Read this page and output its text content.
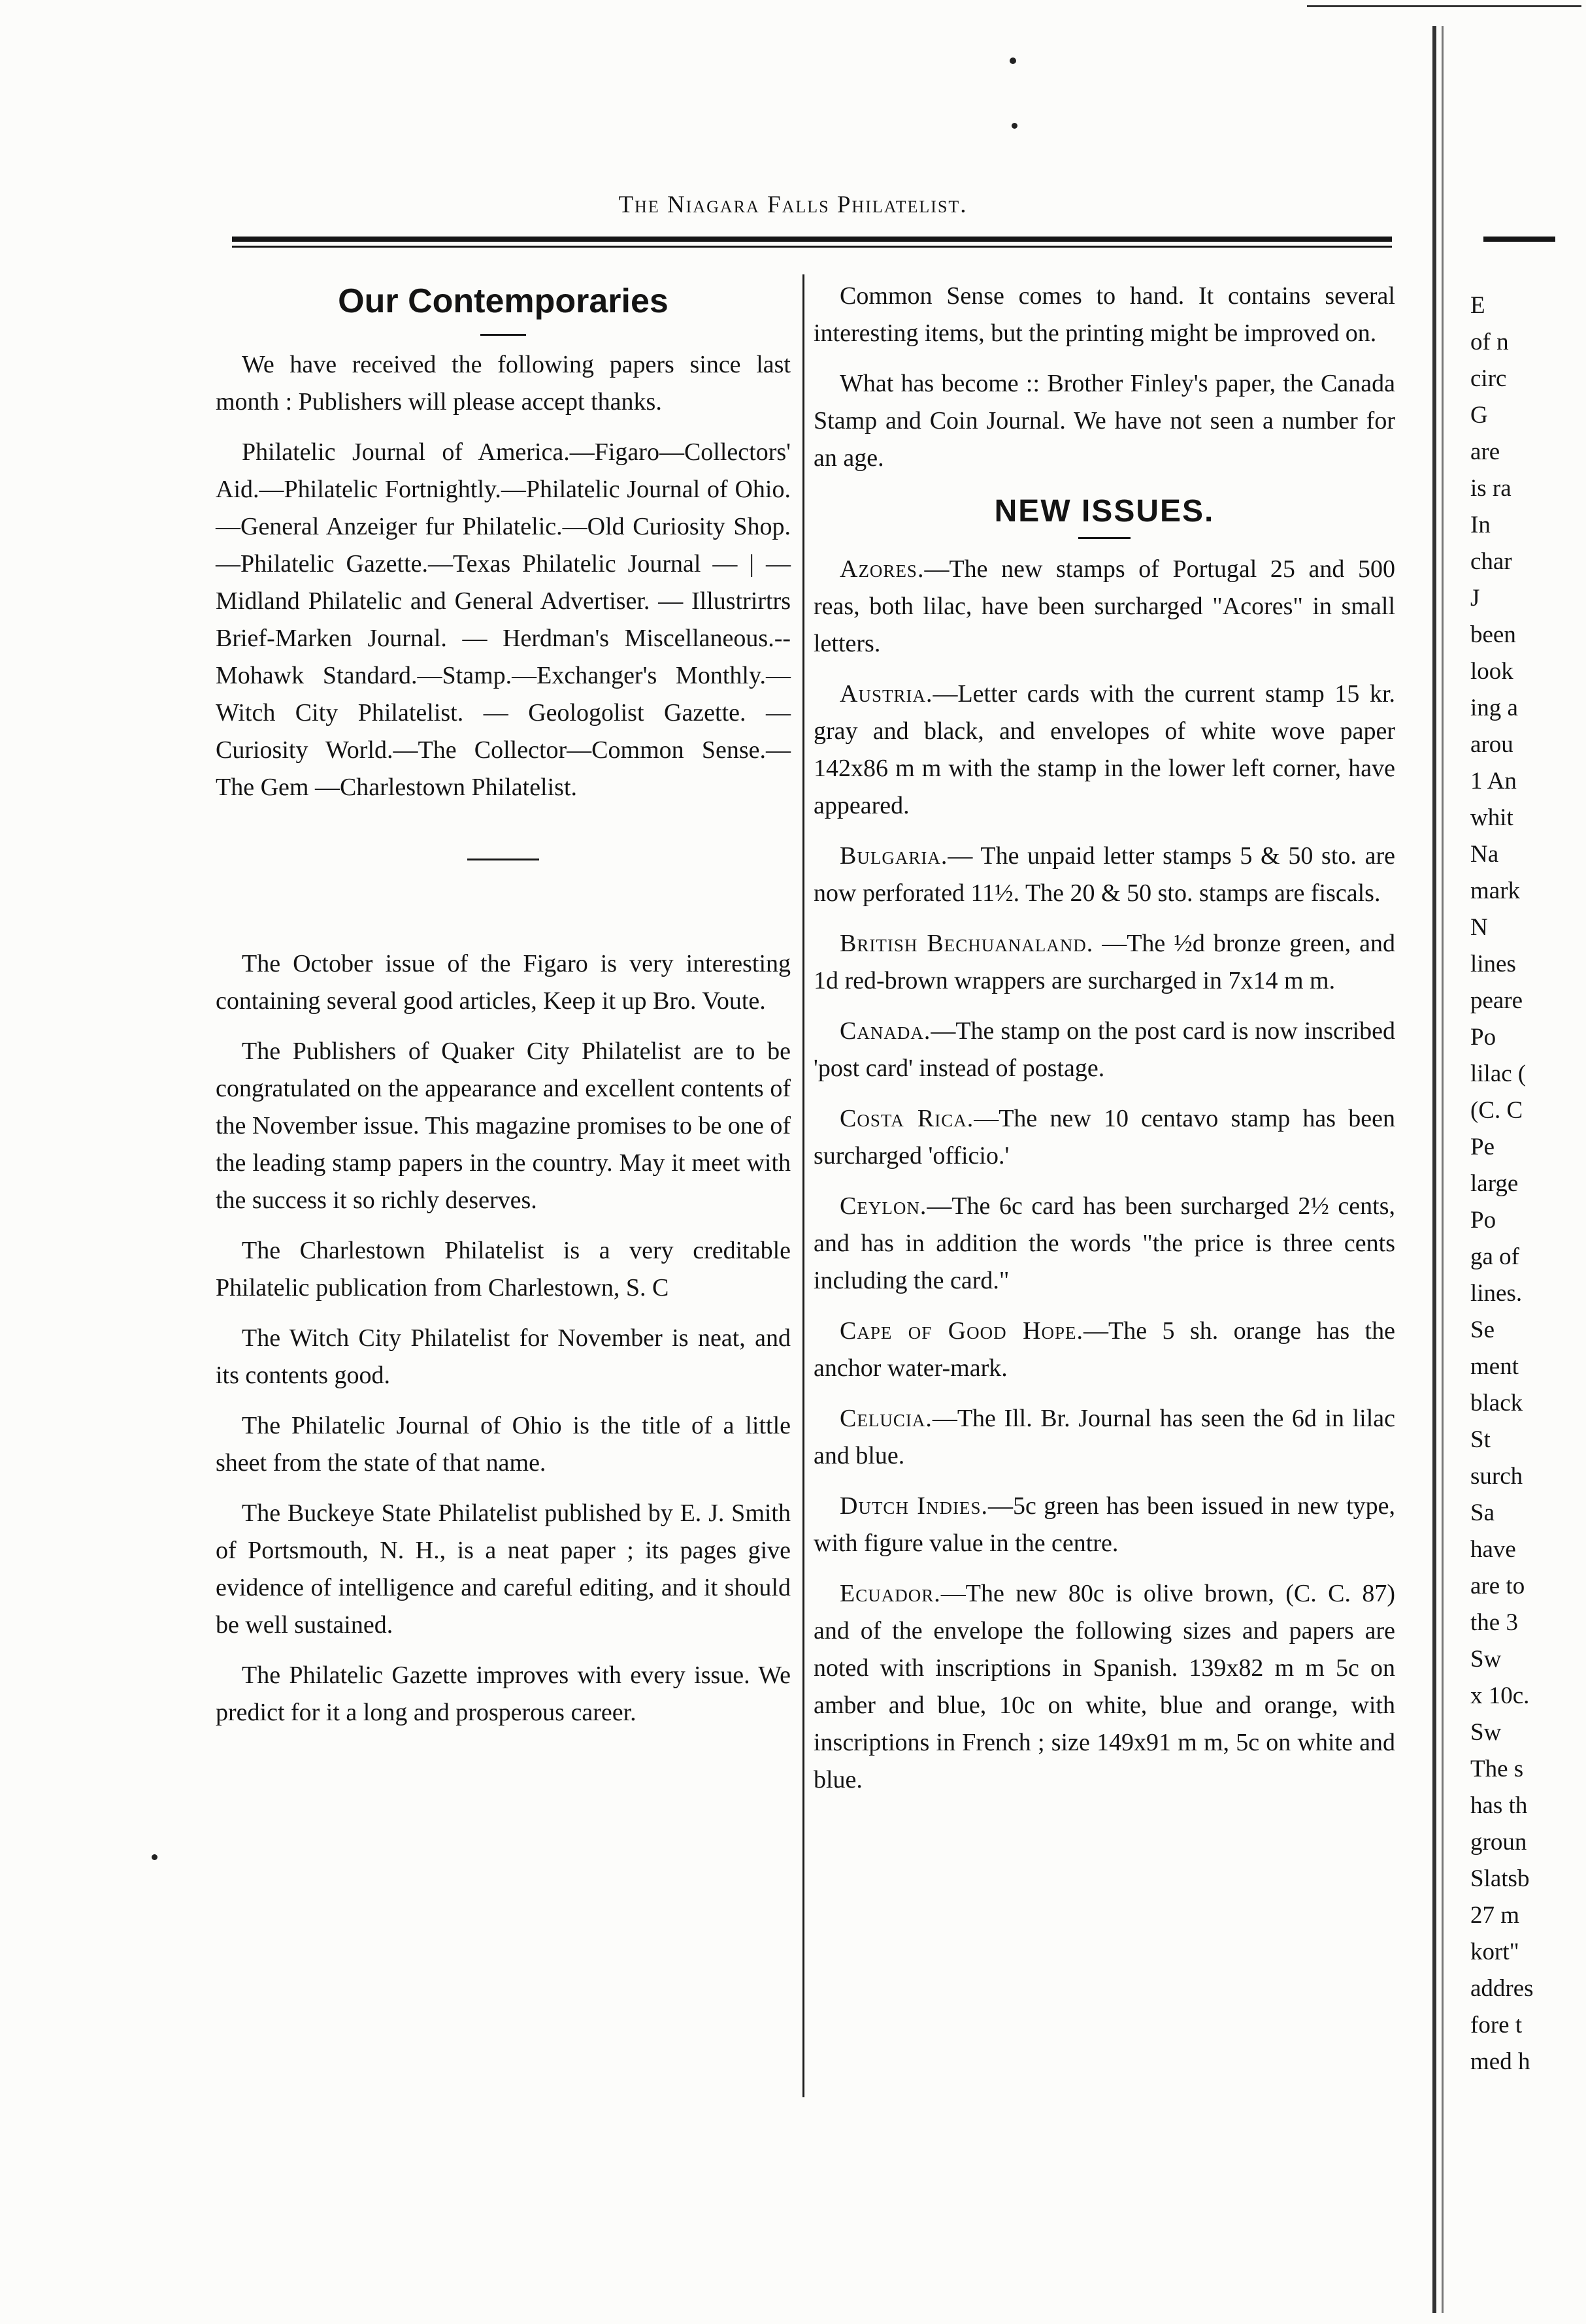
The Niagara Falls Philatelist.
Our Contemporaries

We have received the following papers since last month : Publishers will please accept thanks.

Philatelic Journal of America.—Figaro—Collectors' Aid.—Philatelic Fortnightly.—Philatelic Journal of Ohio.—General Anzeiger fur Philatelic.—Old Curiosity Shop.—Philatelic Gazette.—Texas Philatelic Journal — | —Midland Philatelic and General Advertiser. — Illustrirtrs Brief-Marken Journal. — Herdman's Miscellaneous.--Mohawk Standard.—Stamp.—Exchanger's Monthly.—Witch City Philatelist. — Geologolist Gazette. — Curiosity World.—The Collector—Common Sense.—The Gem —Charlestown Philatelist.

The October issue of the Figaro is very interesting containing several good articles, Keep it up Bro. Voute.

The Publishers of Quaker City Philatelist are to be congratulated on the appearance and excellent contents of the November issue. This magazine promises to be one of the leading stamp papers in the country. May it meet with the success it so richly deserves.

The Charlestown Philatelist is a very creditable Philatelic publication from Charlestown, S. C

The Witch City Philatelist for November is neat, and its contents good.

The Philatelic Journal of Ohio is the title of a little sheet from the state of that name.

The Buckeye State Philatelist published by E. J. Smith of Portsmouth, N. H., is a neat paper ; its pages give evidence of intelligence and careful editing, and it should be well sustained.

The Philatelic Gazette improves with every issue. We predict for it a long and prosperous career.

Common Sense comes to hand. It contains several interesting items, but the printing might be improved on.

What has become :: Brother Finley's paper, the Canada Stamp and Coin Journal. We have not seen a number for an age.

NEW ISSUES.

Azores.—The new stamps of Portugal 25 and 500 reas, both lilac, have been surcharged "Acores" in small letters.

Austria.—Letter cards with the current stamp 15 kr. gray and black, and envelopes of white wove paper 142x86 m m with the stamp in the lower left corner, have appeared.

Bulgaria.— The unpaid letter stamps 5 & 50 sto. are now perforated 11½. The 20 & 50 sto. stamps are fiscals.

British Bechuanaland. —The ½d bronze green, and 1d red-brown wrappers are surcharged in 7x14 m m.

Canada.—The stamp on the post card is now inscribed 'post card' instead of postage.

Costa Rica.—The new 10 centavo stamp has been surcharged 'officio.'

Ceylon.—The 6c card has been surcharged 2½ cents, and has in addition the words "the price is three cents including the card."

Cape of Good Hope.—The 5 sh. orange has the anchor water-mark.

Celucia.—The Ill. Br. Journal has seen the 6d in lilac and blue.

Dutch Indies.—5c green has been issued in new type, with figure value in the centre.

Ecuador.—The new 80c is olive brown, (C. C. 87) and of the envelope the following sizes and papers are noted with inscriptions in Spanish. 139x82 m m 5c on amber and blue, 10c on white, blue and orange, with inscriptions in French ; size 149x91 m m, 5c on white and blue.

E

of n

circ

G

are

is ra

In

char

J

been

look

ing a

arou

1 An

whit

Na

mark

N

lines

peare

Po

lilac (

(C. C

Pe

large

Po

ga of

lines.

Se

ment

black

St

surch

Sa

have

are to

the 3

Sw

x 10c.

Sw

The s

has th

groun

Slatsb

27 m

kort"

addres

fore t

med h
